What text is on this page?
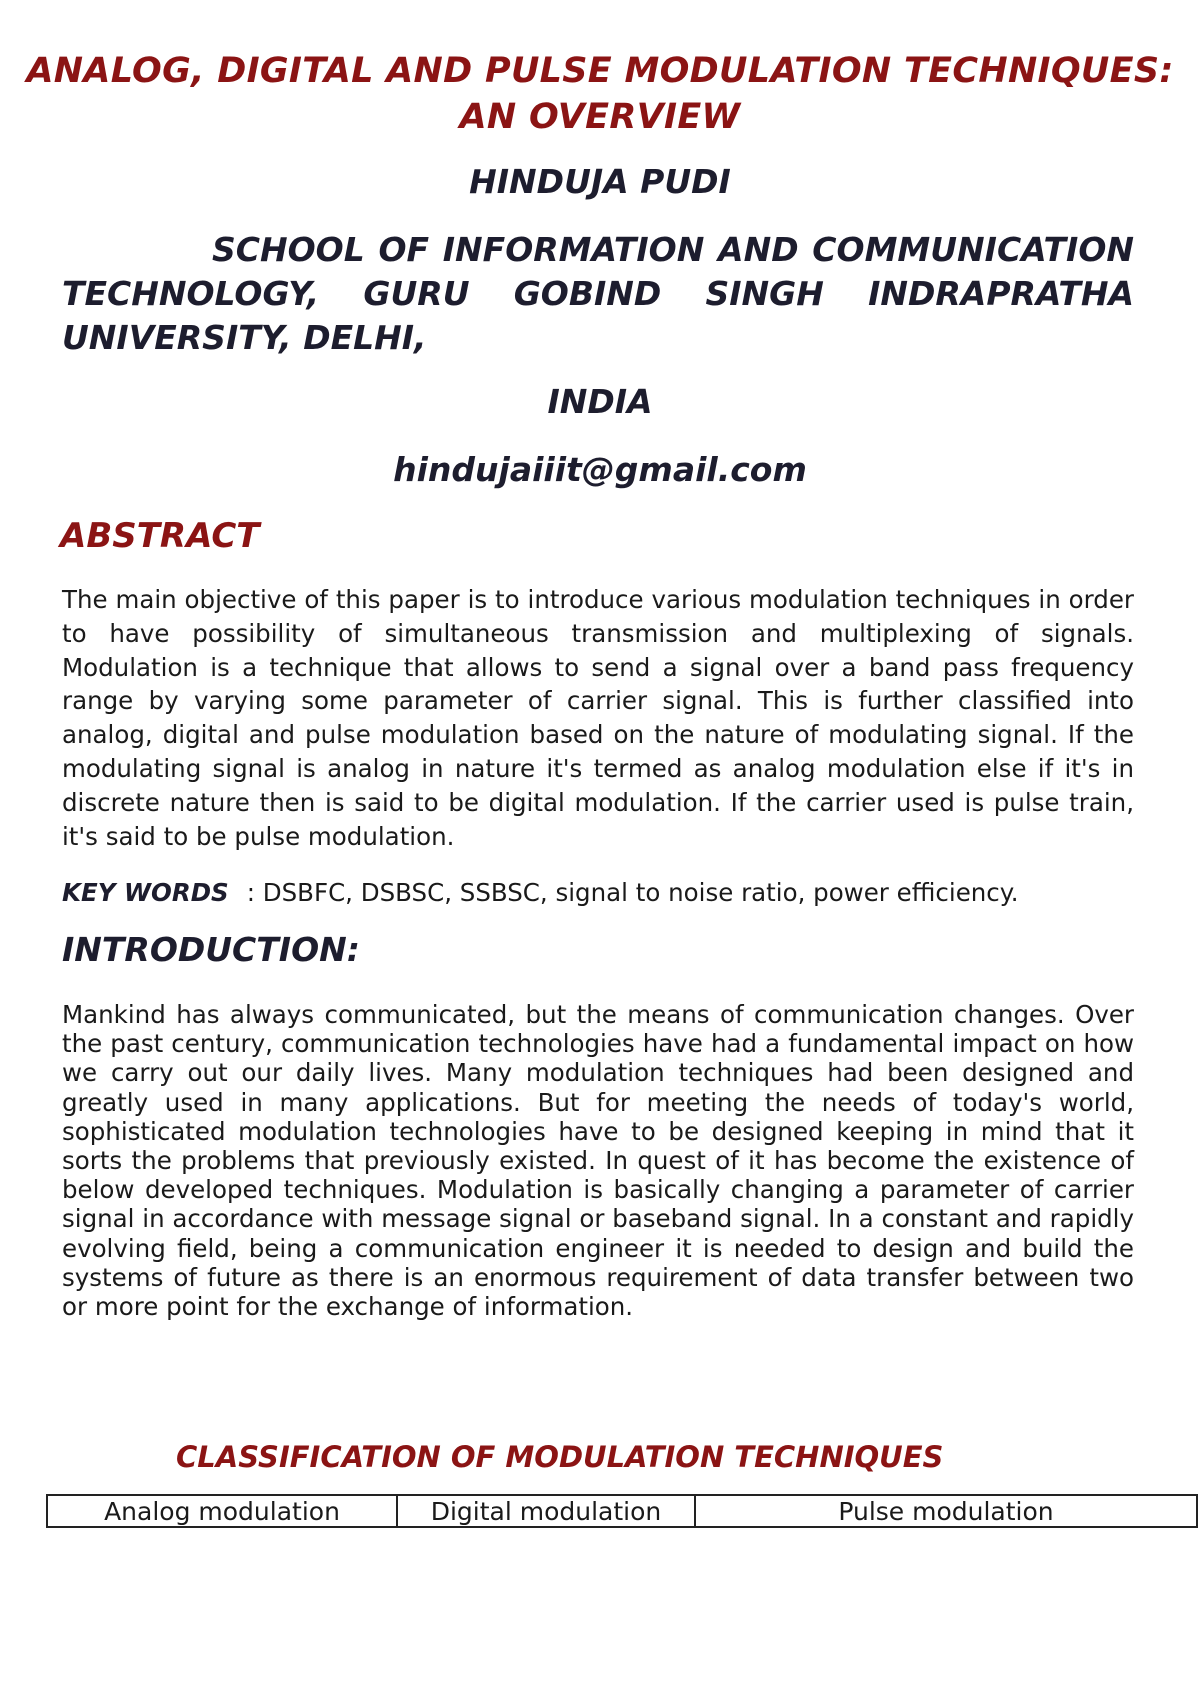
ANALOG, DIGITAL AND PULSE MODULATION TECHNIQUES:
AN OVERVIEW
HINDUJA PUDI
SCHOOL OF INFORMATION AND COMMUNICATION
TECHNOLOGY, GURU GOBIND SINGH INDRAPRATHA
UNIVERSITY, DELHI,
INDIA
hindujaiiit@gmail.com
ABSTRACT
The main objective of this paper is to introduce various modulation techniques in order to have possibility of simultaneous transmission and multiplexing of signals. Modulation is a technique that allows to send a signal over a band pass frequency range by varying some parameter of carrier signal. This is further classified into analog, digital and pulse modulation based on the nature of modulating signal. If the modulating signal is analog in nature it's termed as analog modulation else if it's in discrete nature then is said to be digital modulation. If the carrier used is pulse train, it's said to be pulse modulation.
KEY WORDS : DSBFC, DSBSC, SSBSC, signal to noise ratio, power efficiency.
INTRODUCTION:
Mankind has always communicated, but the means of communication changes. Over the past century, communication technologies have had a fundamental impact on how we carry out our daily lives. Many modulation techniques had been designed and greatly used in many applications. But for meeting the needs of today's world, sophisticated modulation technologies have to be designed keeping in mind that it sorts the problems that previously existed. In quest of it has become the existence of below developed techniques. Modulation is basically changing a parameter of carrier signal in accordance with message signal or baseband signal. In a constant and rapidly evolving field, being a communication engineer it is needed to design and build the systems of future as there is an enormous requirement of data transfer between two or more point for the exchange of information.
CLASSIFICATION OF MODULATION TECHNIQUES
Analog modulation	Digital modulation	Pulse modulation
